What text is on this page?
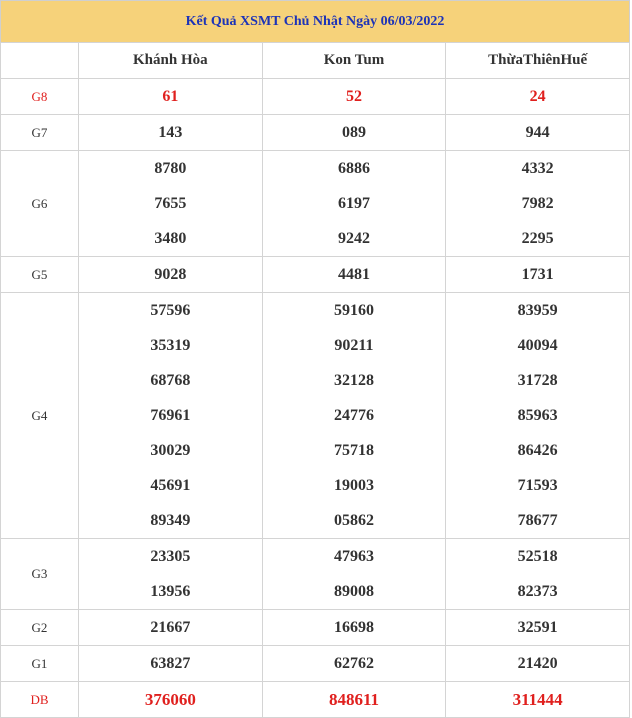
Kết Quả XSMT Chủ Nhật Ngày 06/03/2022
	Khánh Hòa	Kon Tum	ThừaThiênHuế
G8	61	52	24
G7	143	089	944
G6	8780	6886	4332
	7655	6197	7982
	3480	9242	2295
G5	9028	4481	1731
G4	57596	59160	83959
	35319	90211	40094
	68768	32128	31728
	76961	24776	85963
	30029	75718	86426
	45691	19003	71593
	89349	05862	78677
G3	23305	47963	52518
	13956	89008	82373
G2	21667	16698	32591
G1	63827	62762	21420
DB	376060	848611	311444
